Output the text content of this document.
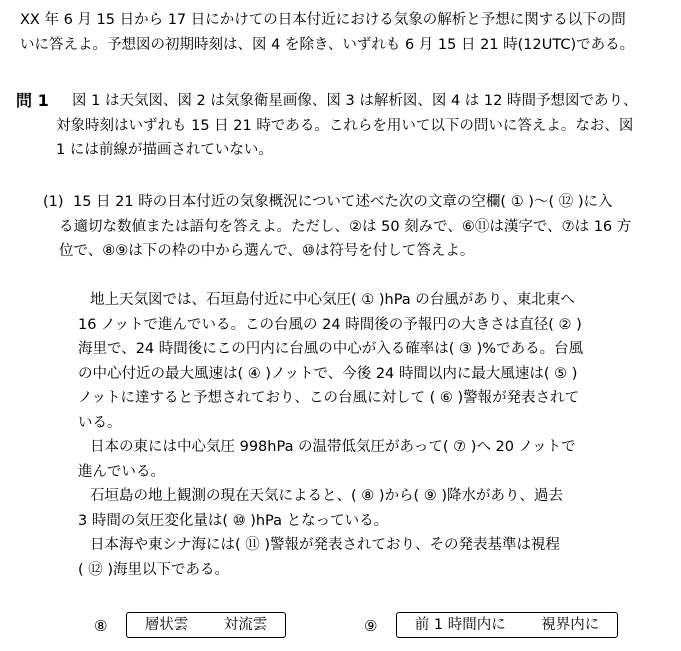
XX 年 6 月 15 日から 17 日にかけての日本付近における気象の解析と予想に関する以下の問
いに答えよ。予想図の初期時刻は、図 4 を除き、いずれも 6 月 15 日 21 時(12UTC)である。
問 1 図 1 は天気図、図 2 は気象衛星画像、図 3 は解析図、図 4 は 12 時間予想図であり、
対象時刻はいずれも 15 日 21 時である。これらを用いて以下の問いに答えよ。なお、図
1 には前線が描画されていない。
(1) 15 日 21 時の日本付近の気象概況について述べた次の文章の空欄( ① )～( ⑫ )に入
る適切な数値または語句を答えよ。ただし、②は 50 刻みで、⑥⑪は漢字で、⑦は 16 方
位で、⑧⑨は下の枠の中から選んで、⑩は符号を付して答えよ。

地上天気図では、石垣島付近に中心気圧( ① )hPa の台風があり、東北東へ

16 ノットで進んでいる。この台風の 24 時間後の予報円の大きさは直径( ② )

海里で、24 時間後にこの円内に台風の中心が入る確率は( ③ )%である。台風

の中心付近の最大風速は( ④ )ノットで、今後 24 時間以内に最大風速は( ⑤ )

ノットに達すると予想されており、この台風に対して ( ⑥ )警報が発表されて

いる。

日本の東には中心気圧 998hPa の温帯低気圧があって( ⑦ )へ 20 ノットで

進んでいる。

石垣島の地上観測の現在天気によると、( ⑧ )から( ⑨ )降水があり、過去

3 時間の気圧変化量は( ⑩ )hPa となっている。

日本海や東シナ海には( ⑪ )警報が発表されており、その発表基準は視程

( ⑫ )海里以下である。

⑧	層状雲 対流雲	⑨	前 1 時間内に 視界内に
